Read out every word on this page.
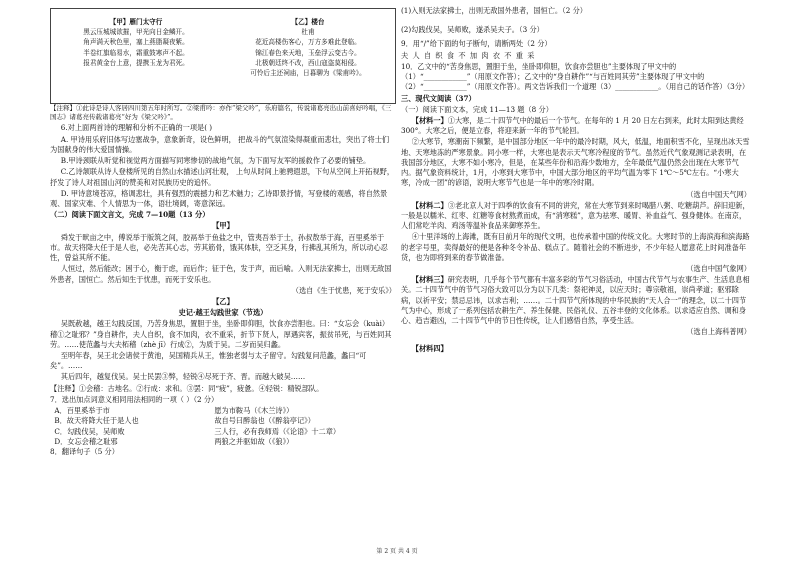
【甲】雁门太守行
黑云压城城欲摧，甲光向日金鳞开。
角声满天秋色里，塞上燕脂凝夜紫。
半卷红旗临易水，霜重鼓寒声不起。
报君黄金台上意，提携玉龙为君死。
【乙】楼台
杜甫
花近高楼伤客心，万方多难此登临。
锦江春色来天地，玉垒浮云变古今。
北极朝廷终不改，西山寇盗莫相侵。
可怜后主还祠庙，日暮聊为《梁甫吟》。

【注释】①此诗是诗人客居四川第五年时所写。②梁甫吟：亦作“梁父吟”，乐府篇名，传说诸葛亮出山前喜好吟唱，《三国志》诸葛亮传载诸葛亮“好为《梁父吟》”。

6.对上面两首诗的理解和分析不正确的一项是( )

A. 甲诗用乐府旧体写边塞战争，意象新奇，设色鲜明， 把战斗的气氛渲染得凝重而悲壮，突出了将士们为国献身的伟大爱国情操。

B.甲诗颈联从听觉和视觉两方面描写同寒惨切的战地气氛，为下面写友军的援救作了必要的铺垫。

C.乙诗颔联从诗人登楼所见的自然山水描述山河壮观， 上句从时间上驰骋遐思，下句从空间上开拓视野，抒发了诗人对祖国山河的赞美和对民族历史的追怀。

D. 甲诗意境苍凉，格调悲壮，具有强烈的震撼力和艺术魅力；乙诗即景抒情，写登楼的观感，将自然景观、国家灾难、个人情思为一体，语壮境阔，寄意深远。

（二）阅读下面文言文，完成 7—10题（13 分）

【甲】

舜发于畎亩之中，傅说举于版筑之间，胶鬲举于鱼盐之中，管夷吾举于士，孙叔敖举于海，百里奚举于市。故天将降大任于是人也，必先苦其心志，劳其筋骨，饿其体肤，空乏其身，行拂乱其所为，所以动心忍性，曾益其所不能。

人恒过，然后能改；困于心，衡于虑，而后作；征于色，发于声，而后喻。入则无法家拂士，出则无敌国外患者，国恒亡。然后知生于忧患，而死于安乐也。

（选自《生于忧患，死于安乐》）

【乙】

史记·越王勾践世家（节选）

吴既赦越，越王勾践反国，乃苦身焦思，置胆于坐，坐卧即仰胆，饮食亦尝胆也。曰：“女忘会（kuài）稽①之耻邪？”身自耕作，夫人自织，食不加肉，衣不重采，折节下贤人，厚遇宾客，振贫吊死，与百姓同其劳。……使范蠡与大夫柘稽（zhè jī）行成②，为质于吴。二岁而吴归蠡。

至明年春，吴王北会诸侯于黄池，吴国精兵从王，惟独老弱与太子留守。勾践复问范蠡，蠡曰“可矣”。……

其后四年，越复伐吴。吴士民罢③弊，轻锐④尽死于齐、晋。而越大破吴……

【注释】①会稽：古地名。②行成：求和。③罢：同“疲”，疲惫。④轻锐：精锐部队。

7．选出加点词意义相同用法相同的一项（ ）（2 分）

A．百里奚举于市	愿为市鞍马（《木兰诗》）
B．故天将降大任于是人也	故自号曰醉翁也（《醉翁亭记》）
C．勾践伐吴，吴师败	三人行，必有我师焉（《论语》十二章）
D．女忘会稽之耻邪	两狼之并驱如故（《狼》）

8．翻译句子（5 分）

(1)入则无法家拂士，出则无敌国外患者，国恒亡。（2 分）

(2)勾践伐吴，吴师败，遂杀吴夫子。（3 分）

9．用“/”给下面的句子断句，请断两处（2 分）

夫 人 自 织 食 不 加 肉 衣 不 重 采

10．乙文中的“苦身焦思，置胆于坐，坐卧即仰胆，饮食亦尝胆也”主要体现了甲文中的（1）“____________”（用原文作答）；乙文中的“身自耕作”“与百姓同其劳”主要体现了甲文中的（2）“____________”（用原文作答）。两文告诉我们一个道理（3）____________。（用自己的话作答）（3分）

三、现代文阅读（37）

（一）阅读下面文本，完成 11—13 题（8 分）

【材料一】①大寒，是二十四节气中的最后一个节气。在每年的 1 月 20 日左右到来，此时太阳到达黄经 300°。大寒之后，便是立春，将迎来新一年的节气轮回。

②大寒节，寒潮南下频繁，是中国部分地区一年中的最冷时期，风大，低温，地面积雪不化，呈现出冰天雪地、天寒地冻的严寒景象。同小寒一样，大寒也是表示天气寒冷程度的节气。虽然近代气象观测记录表明，在我国部分地区，大寒不如小寒冷，但是，在某些年份和沿海少数地方，全年最低气温仍然会出现在大寒节气内。据气象资料统计，1月，小寒到大寒节中，中国大部分地区的平均气温为零下 1℃～5℃左右。“小寒大寒，冷成一团”的谚语，说明大寒节气也是一年中的寒冷时期。

（选自中国天气网）

【材料二】③老北京人对于四季的饮食有不同的讲究，常在大寒节到来时喝腊八粥、吃糖葫芦。辞旧迎新，一般是以糯米、红枣、红糖等食材熬煮而成，有“消寒糕”，意为祛寒、暖胃、补血益气、强身健体。在南京，人们常吃羊肉、鸡汤等温补食品来御寒养生。

④十里洋场的上海滩，既有目前月年的现代文明，也传承着中国的传统文化。大寒时节的上海滨海和滨海路的老字号里，卖得最好的便是各种冬令补品、糕点了。随着社会的不断进步，不少年轻人愿意花上时间准备年货，也为即将到来的春节做准备。

（选自中国气象网）

【材料三】研究表明，几乎每个节气都有丰富多彩的节气习俗活动，中国古代节气与农事生产、生活息息相关。二十四节气中的节气习俗大致可以分为以下几类：祭祀神灵，以应天时；尊宗敬祖，崇尚孝道；驱邪除病，以祈平安；禁忌忌讳，以求吉利；……。二十四节气所体现的中华民族的“天人合一”的理念，以二十四节气为中心，形成了一系列包括农耕生产、养生保健、民俗礼仪、五谷丰登的文化体系。以求适应自然、调和身心、趋吉避凶，二十四节气中的节日性传统，让人们感悟自然，享受生活。

（选自上海科普网）

【材料四】

第 2 页 共 4 页
